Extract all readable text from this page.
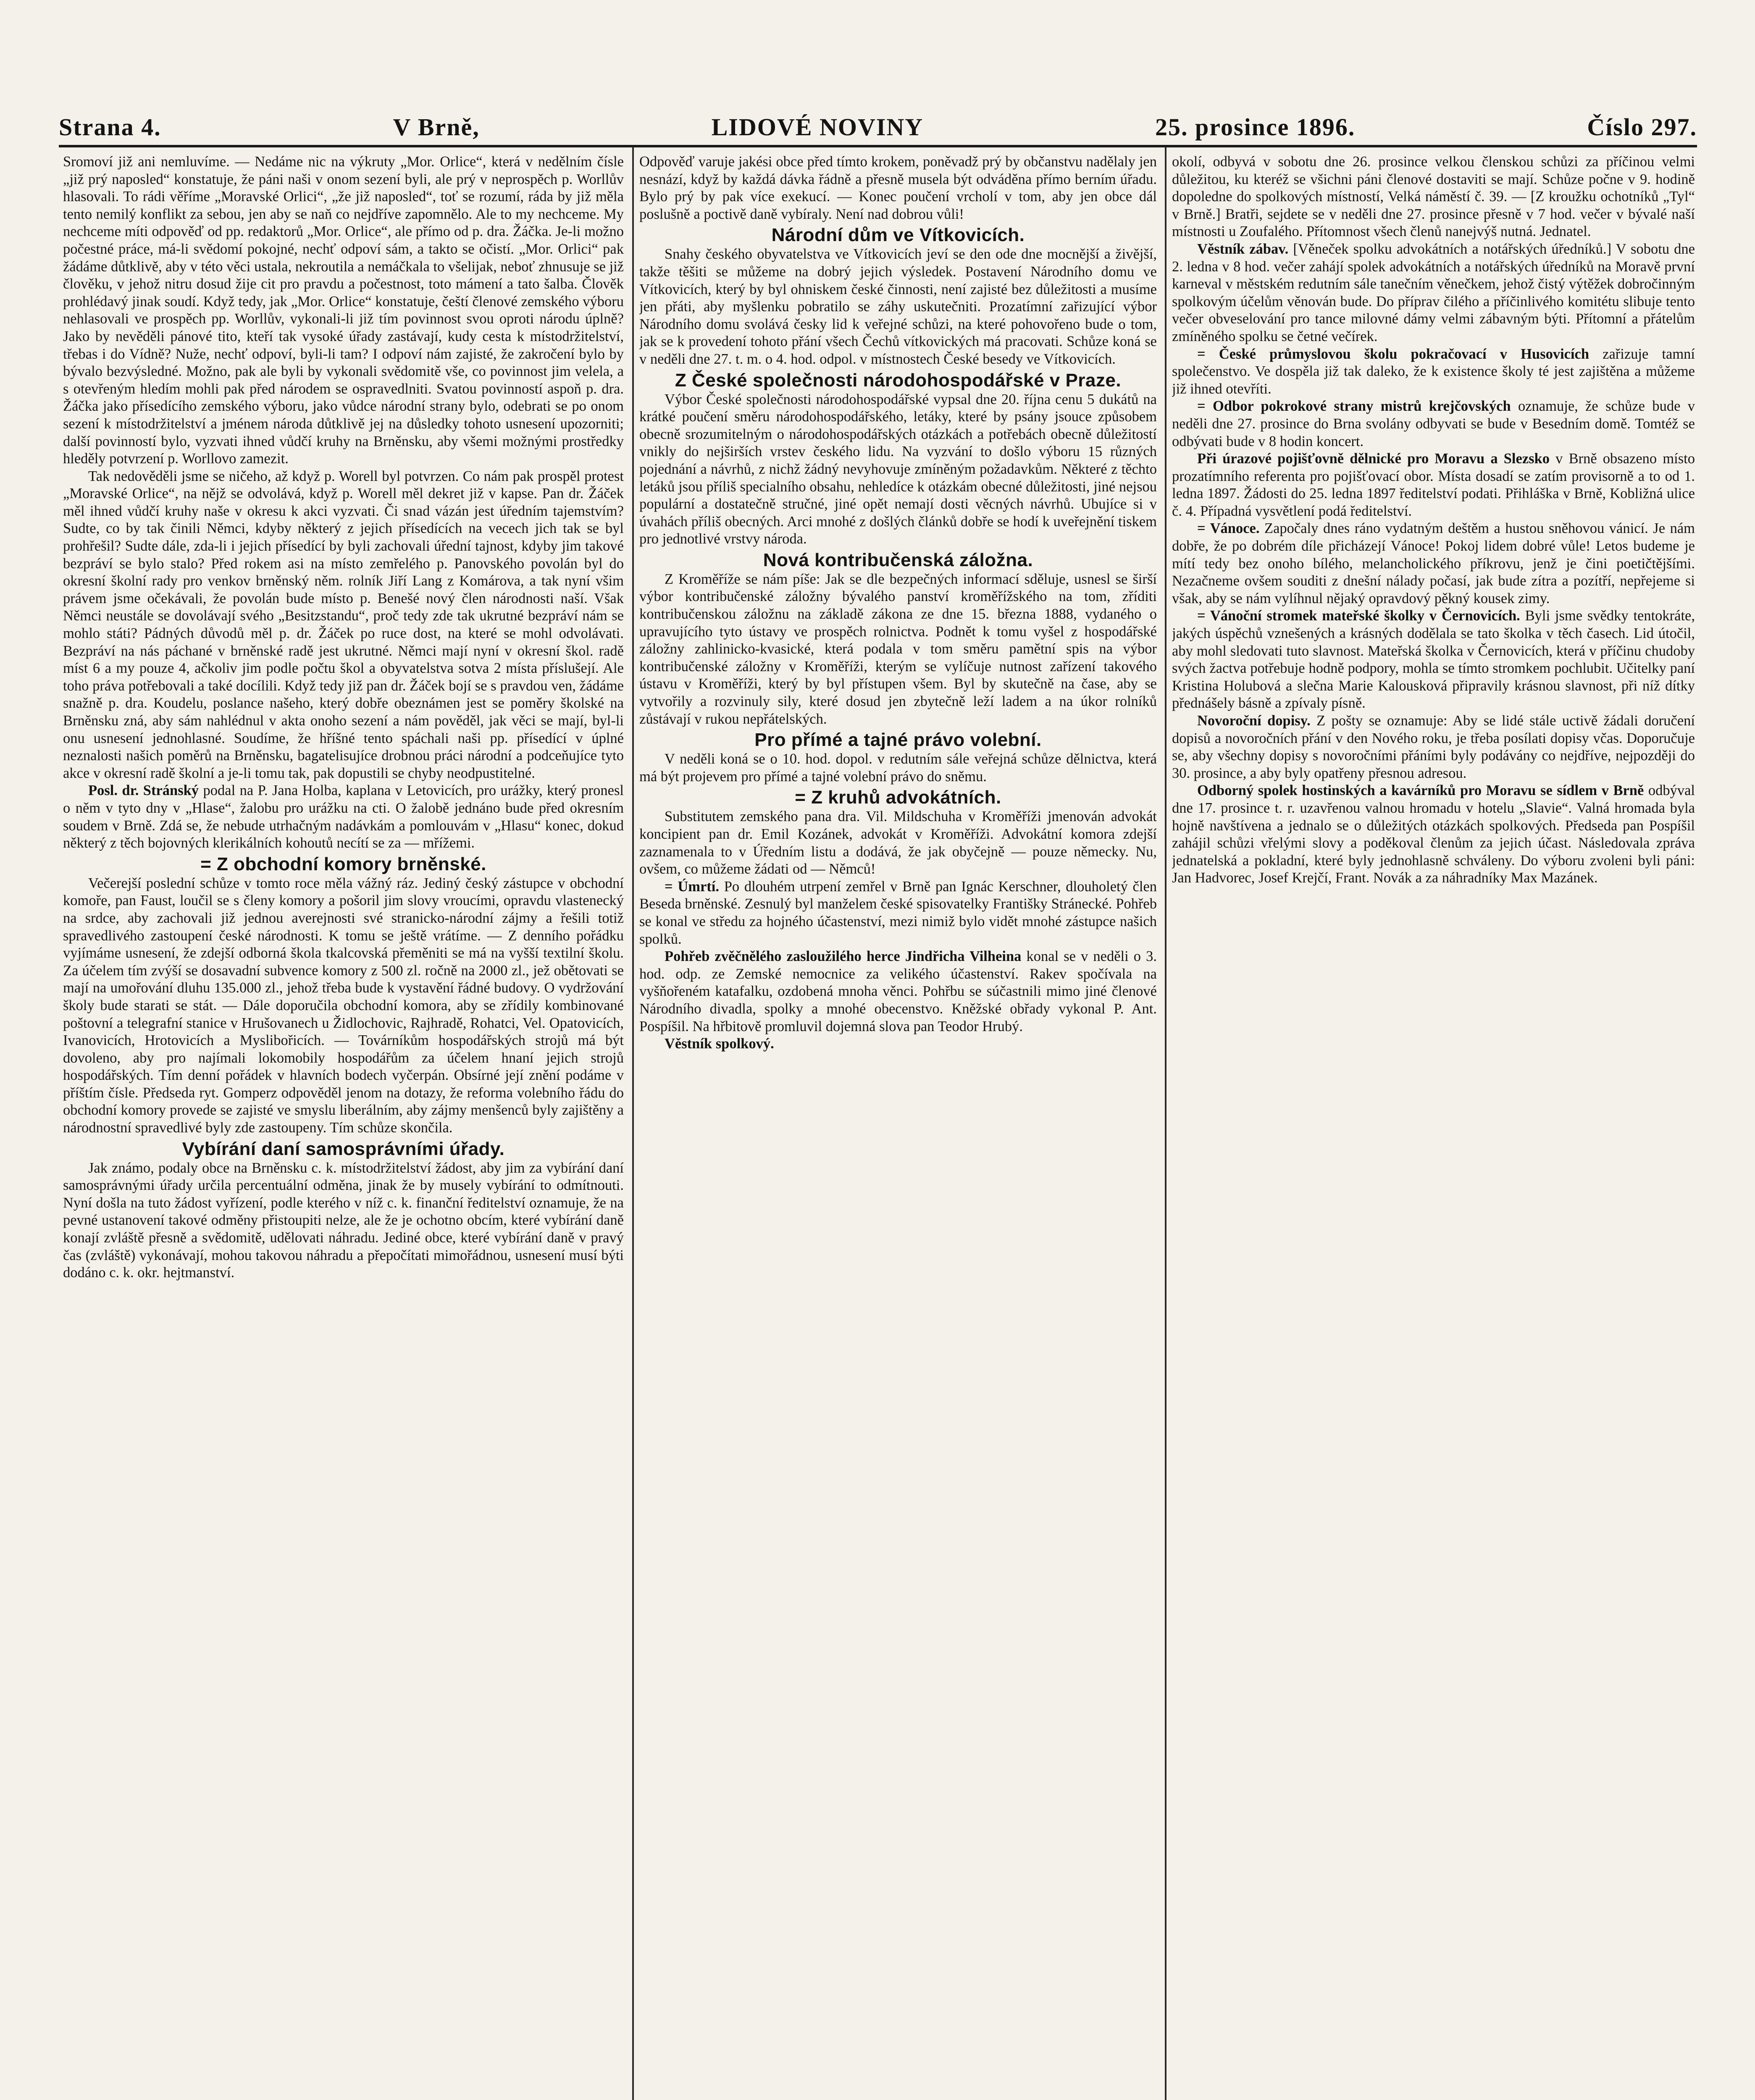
Strana 4.	V Brně,	LIDOVÉ NOVINY	25. prosince 1896.	Číslo 297.

Sromoví již ani nemluvíme. — Nedáme nic na výkruty „Mor. Orlice“, která v nedělním čísle „již prý naposled“ konstatuje, že páni naši v onom sezení byli, ale prý v neprospěch p. Worllův hlasovali. To rádi věříme „Moravské Orlici“, „že již naposled“, toť se rozumí, ráda by již měla tento nemilý konflikt za sebou, jen aby se naň co nejdříve zapomnělo. Ale to my nechceme. My nechceme míti odpověď od pp. redaktorů „Mor. Orlice“, ale přímo od p. dra. Žáčka. Je-li možno počestné práce, má-li svědomí pokojné, nechť odpoví sám, a takto se očistí. „Mor. Orlici“ pak žádáme důtklivě, aby v této věci ustala, nekroutila a nemáčkala to všelijak, neboť zhnusuje se již člověku, v jehož nitru dosud žije cit pro pravdu a počestnost, toto mámení a tato šalba. Člověk prohlédavý jinak soudí. Když tedy, jak „Mor. Orlice“ konstatuje, čeští členové zemského výboru nehlasovali ve prospěch pp. Worllův, vykonali-li již tím povinnost svou oproti národu úplně? Jako by nevěděli pánové tito, kteří tak vysoké úřady zastávají, kudy cesta k místodržitelství, třebas i do Vídně? Nuže, nechť odpoví, byli-li tam? I odpoví nám zajisté, že zakročení bylo by bývalo bezvýsledné. Možno, pak ale byli by vykonali svědomitě vše, co povinnost jim velela, a s otevřeným hledím mohli pak před národem se ospravedlniti. Svatou povinností aspoň p. dra. Žáčka jako přísedícího zemského výboru, jako vůdce národní strany bylo, odebrati se po onom sezení k místodržitelství a jménem národa důtklivě jej na důsledky tohoto usnesení upozorniti; další povinností bylo, vyzvati ihned vůdčí kruhy na Brněnsku, aby všemi možnými prostředky hleděly potvrzení p. Worllovo zamezit.

Tak nedověděli jsme se ničeho, až když p. Worell byl potvrzen. Co nám pak prospěl protest „Moravské Orlice“, na nějž se odvolává, když p. Worell měl dekret již v kapse. Pan dr. Žáček měl ihned vůdčí kruhy naše v okresu k akci vyzvati. Či snad vázán jest úředním tajemstvím? Sudte, co by tak činili Němci, kdyby některý z jejich přísedících na vecech jich tak se byl prohřešil? Sudte dále, zda-li i jejich přísedící by byli zachovali úřední tajnost, kdyby jim takové bezpráví se bylo stalo? Před rokem asi na místo zemřelého p. Panovského povolán byl do okresní školní rady pro venkov brněnský něm. rolník Jiří Lang z Komárova, a tak nyní všim právem jsme očekávali, že povolán bude místo p. Benešé nový člen národnosti naší. Však Němci neustále se dovolávají svého „Besitzstandu“, proč tedy zde tak ukrutné bezpráví nám se mohlo státi? Pádných důvodů měl p. dr. Žáček po ruce dost, na které se mohl odvolávati. Bezpráví na nás páchané v brněnské radě jest ukrutné. Němci mají nyní v okresní škol. radě míst 6 a my pouze 4, ačkoliv jim podle počtu škol a obyvatelstva sotva 2 místa příslušejí. Ale toho práva potřebovali a také docílili. Když tedy již pan dr. Žáček bojí se s pravdou ven, žádáme snažně p. dra. Koudelu, poslance našeho, který dobře obeznámen jest se poměry školské na Brněnsku zná, aby sám nahlédnul v akta onoho sezení a nám pověděl, jak věci se mají, byl-li onu usnesení jednohlasné. Soudíme, že hříšné tento spáchali naši pp. přísedící v úplné neznalosti našich poměrů na Brněnsku, bagatelisujíce drobnou práci národní a podceňujíce tyto akce v okresní radě školní a je-li tomu tak, pak dopustili se chyby neodpustitelné.

Posl. dr. Stránský podal na P. Jana Holba, kaplana v Letovicích, pro urážky, který pronesl o něm v tyto dny v „Hlase“, žalobu pro urážku na cti. O žalobě jednáno bude před okresním soudem v Brně. Zdá se, že nebude utrhačným nadávkám a pomlouvám v „Hlasu“ konec, dokud některý z těch bojovných klerikálních kohoutů necítí se za — mřížemi.

= Z obchodní komory brněnské.

Večerejší poslední schůze v tomto roce měla vážný ráz. Jediný český zástupce v obchodní komoře, pan Faust, loučil se s členy komory a pošoril jim slovy vroucími, opravdu vlastenecký na srdce, aby zachovali již jednou averejnosti své stranicko-národní zájmy a řešili totiž spravedlivého zastoupení české národnosti. K tomu se ještě vrátíme. — Z denního pořádku vyjímáme usnesení, že zdejší odborná škola tkalcovská přeměniti se má na vyšší textilní školu. Za účelem tím zvýší se dosavadní subvence komory z 500 zl. ročně na 2000 zl., jež obětovati se mají na umořování dluhu 135.000 zl., jehož třeba bude k vystavění řádné budovy. O vydržování školy bude starati se stát. — Dále doporučila obchodní komora, aby se zřídily kombinované poštovní a telegrafní stanice v Hrušovanech u Židlochovic, Rajhradě, Rohatci, Vel. Opatovicích, Ivanovicích, Hrotovicích a Myslibořicích. — Továrníkům hospodářských strojů má být dovoleno, aby pro najímali lokomobily hospodářům za účelem hnaní jejich strojů hospodářských. Tím denní pořádek v hlavních bodech vyčerpán. Obsírné její znění podáme v příštím čísle. Předseda ryt. Gomperz odpověděl jenom na dotazy, že reforma volebního řádu do obchodní komory provede se zajisté ve smyslu liberálním, aby zájmy menšenců byly zajištěny a národnostní spravedlivé byly zde zastoupeny. Tím schůze skončila.

Vybírání daní samosprávními úřady.

Jak známo, podaly obce na Brněnsku c. k. místodržitelství žádost, aby jim za vybírání daní samosprávnými úřady určila percentuální odměna, jinak že by musely vybírání to odmítnouti. Nyní došla na tuto žádost vyřízení, podle kterého v níž c. k. finanční ředitelství oznamuje, že na pevné ustanovení takové odměny přistoupiti nelze, ale že je ochotno obcím, které vybírání daně konají zvláště přesně a svědomitě, udělovati náhradu. Jediné obce, které vybírání daně v pravý čas (zvláště) vykonávají, mohou takovou náhradu a přepočítati mimořádnou, usnesení musí býti dodáno c. k. okr. hejtmanství.

Odpověď varuje jakési obce před tímto krokem, poněvadž prý by občanstvu nadělaly jen nesnází, když by každá dávka řádně a přesně musela být odváděna přímo berním úřadu. Bylo prý by pak více exekucí. — Konec poučení vrcholí v tom, aby jen obce dál poslušně a poctivě daně vybíraly. Není nad dobrou vůli!

Národní dům ve Vítkovicích.

Snahy českého obyvatelstva ve Vítkovicích jeví se den ode dne mocnější a živější, takže těšiti se můžeme na dobrý jejich výsledek. Postavení Národního domu ve Vítkovicích, který by byl ohniskem české činnosti, není zajisté bez důležitosti a musíme jen přáti, aby myšlenku pobratilo se záhy uskutečniti. Prozatímní zařizující výbor Národního domu svolává česky lid k veřejné schůzi, na které pohovořeno bude o tom, jak se k provedení tohoto přání všech Čechů vítkovických má pracovati. Schůze koná se v neděli dne 27. t. m. o 4. hod. odpol. v místnostech České besedy ve Vítkovicích.

Z České společnosti národohospodářské v Praze.

Výbor České společnosti národohospodářské vypsal dne 20. října cenu 5 dukátů na krátké poučení směru národohospodářského, letáky, které by psány jsouce způsobem obecně srozumitelným o národohospodářských otázkách a potřebách obecně důležitostí vnikly do nejširších vrstev českého lidu. Na vyzvání to došlo výboru 15 různých pojednání a návrhů, z nichž žádný nevyhovuje zmíněným požadavkům. Některé z těchto letáků jsou příliš specialního obsahu, nehledíce k otázkám obecné důležitosti, jiné nejsou populární a dostatečně stručné, jiné opět nemají dosti věcných návrhů. Ubujíce si v úvahách příliš obecných. Arci mnohé z došlých článků dobře se hodí k uveřejnění tiskem pro jednotlivé vrstvy národa.

Nová kontribučenská záložna.

Z Kroměříže se nám píše: Jak se dle bezpečných informací sděluje, usnesl se širší výbor kontribučenské záložny bývalého panství kroměřížského na tom, zříditi kontribučenskou záložnu na základě zákona ze dne 15. března 1888, vydaného o upravujícího tyto ústavy ve prospěch rolnictva. Podnět k tomu vyšel z hospodářské záložny zahlinicko-kvasické, která podala v tom směru pamětní spis na výbor kontribučenské záložny v Kroměříži, kterým se vylíčuje nutnost zařízení takového ústavu v Kroměříži, který by byl přístupen všem. Byl by skutečně na čase, aby se vytvořily a rozvinuly sily, které dosud jen zbytečně leží ladem a na úkor rolníků zůstávají v rukou nepřátelských.

Pro přímé a tajné právo volební.

V neděli koná se o 10. hod. dopol. v redutním sále veřejná schůze dělnictva, která má být projevem pro přímé a tajné volební právo do sněmu.

= Z kruhů advokátních.

Substitutem zemského pana dra. Vil. Mildschuha v Kroměříži jmenován advokát koncipient pan dr. Emil Kozánek, advokát v Kroměříži. Advokátní komora zdejší zaznamenala to v Úředním listu a dodává, že jak obyčejně — pouze německy. Nu, ovšem, co můžeme žádati od — Němců!

= Úmrtí. Po dlouhém utrpení zemřel v Brně pan Ignác Kerschner, dlouholetý člen Beseda brněnské. Zesnulý byl manželem české spisovatelky Františky Stránecké. Pohřeb se konal ve středu za hojného účastenství, mezi nimiž bylo vidět mnohé zástupce našich spolků.

Pohřeb zvěčnělého zasloužilého herce Jindřicha Vilheina konal se v neděli o 3. hod. odp. ze Zemské nemocnice za velikého účastenství. Rakev spočívala na vyšňořeném katafalku, ozdobená mnoha věnci. Pohřbu se súčastnili mimo jiné členové Národního divadla, spolky a mnohé obecenstvo. Kněžské obřady vykonal P. Ant. Pospíšil. Na hřbitově promluvil dojemná slova pan Teodor Hrubý.

Věstník spolkový.

okolí, odbyvá v sobotu dne 26. prosince velkou členskou schůzi za příčinou velmi důležitou, ku kteréž se všichni páni členové dostaviti se mají. Schůze počne v 9. hodině dopoledne do spolkových místností, Velká náměstí č. 39. — [Z kroužku ochotníků „Tyl“ v Brně.] Bratři, sejdete se v neděli dne 27. prosince přesně v 7 hod. večer v bývalé naší místnosti u Zoufalého. Přítomnost všech členů nanejvýš nutná. Jednatel.

Věstník zábav. [Věneček spolku advokátních a notářských úředníků.] V sobotu dne 2. ledna v 8 hod. večer zahájí spolek advokátních a notářských úředníků na Moravě první karneval v městském redutním sále tanečním věnečkem, jehož čistý výtěžek dobročinným spolkovým účelům věnován bude. Do příprav čilého a příčinlivého komitétu slibuje tento večer obveselování pro tance milovné dámy velmi zábavným býti. Přítomní a přátelům zmíněného spolku se četné večírek.

= České průmyslovou školu pokračovací v Husovicích zařizuje tamní společenstvo. Ve dospěla již tak daleko, že k existence školy té jest zajištěna a můžeme již ihned otevříti.

= Odbor pokrokové strany mistrů krejčovských oznamuje, že schůze bude v neděli dne 27. prosince do Brna svolány odbyvati se bude v Besedním domě. Tomtéž se odbývati bude v 8 hodin koncert.

Při úrazové pojišťovně dělnické pro Moravu a Slezsko v Brně obsazeno místo prozatímního referenta pro pojišťovací obor. Místa dosadí se zatím provisorně a to od 1. ledna 1897. Žádosti do 25. ledna 1897 ředitelství podati. Přihláška v Brně, Kobližná ulice č. 4. Případná vysvětlení podá ředitelství.

= Vánoce. Započaly dnes ráno vydatným deštěm a hustou sněhovou vánicí. Je nám dobře, že po dobrém díle přicházejí Vánoce! Pokoj lidem dobré vůle! Letos budeme je mítí tedy bez onoho bílého, melancholického příkrovu, jenž je čini poetičtějšími. Nezačneme ovšem souditi z dnešní nálady počasí, jak bude zítra a pozítří, nepřejeme si však, aby se nám vylíhnul nějaký opravdový pěkný kousek zimy.

= Vánoční stromek mateřské školky v Černovicích. Byli jsme svědky tentokráte, jakých úspěchů vznešených a krásných dodělala se tato školka v těch časech. Lid útočil, aby mohl sledovati tuto slavnost. Mateřská školka v Černovicích, která v příčinu chudoby svých žactva potřebuje hodně podpory, mohla se tímto stromkem pochlubit. Učitelky paní Kristina Holubová a slečna Marie Kalousková připravily krásnou slavnost, při níž dítky přednášely básně a zpívaly písně.

Novoroční dopisy. Z pošty se oznamuje: Aby se lidé stále uctivě žádali doručení dopisů a novoročních přání v den Nového roku, je třeba posílati dopisy včas. Doporučuje se, aby všechny dopisy s novoročními přáními byly podávány co nejdříve, nejpozději do 30. prosince, a aby byly opatřeny přesnou adresou.

Odborný spolek hostinských a kavárníků pro Moravu se sídlem v Brně odbýval dne 17. prosince t. r. uzavřenou valnou hromadu v hotelu „Slavie“. Valná hromada byla hojně navštívena a jednalo se o důležitých otázkách spolkových. Předseda pan Pospíšil zahájil schůzi vřelými slovy a poděkoval členům za jejich účast. Následovala zpráva jednatelská a pokladní, které byly jednohlasně schváleny. Do výboru zvoleni byli páni: Jan Hadvorec, Josef Krejčí, Frant. Novák a za náhradníky Max Mazánek.
